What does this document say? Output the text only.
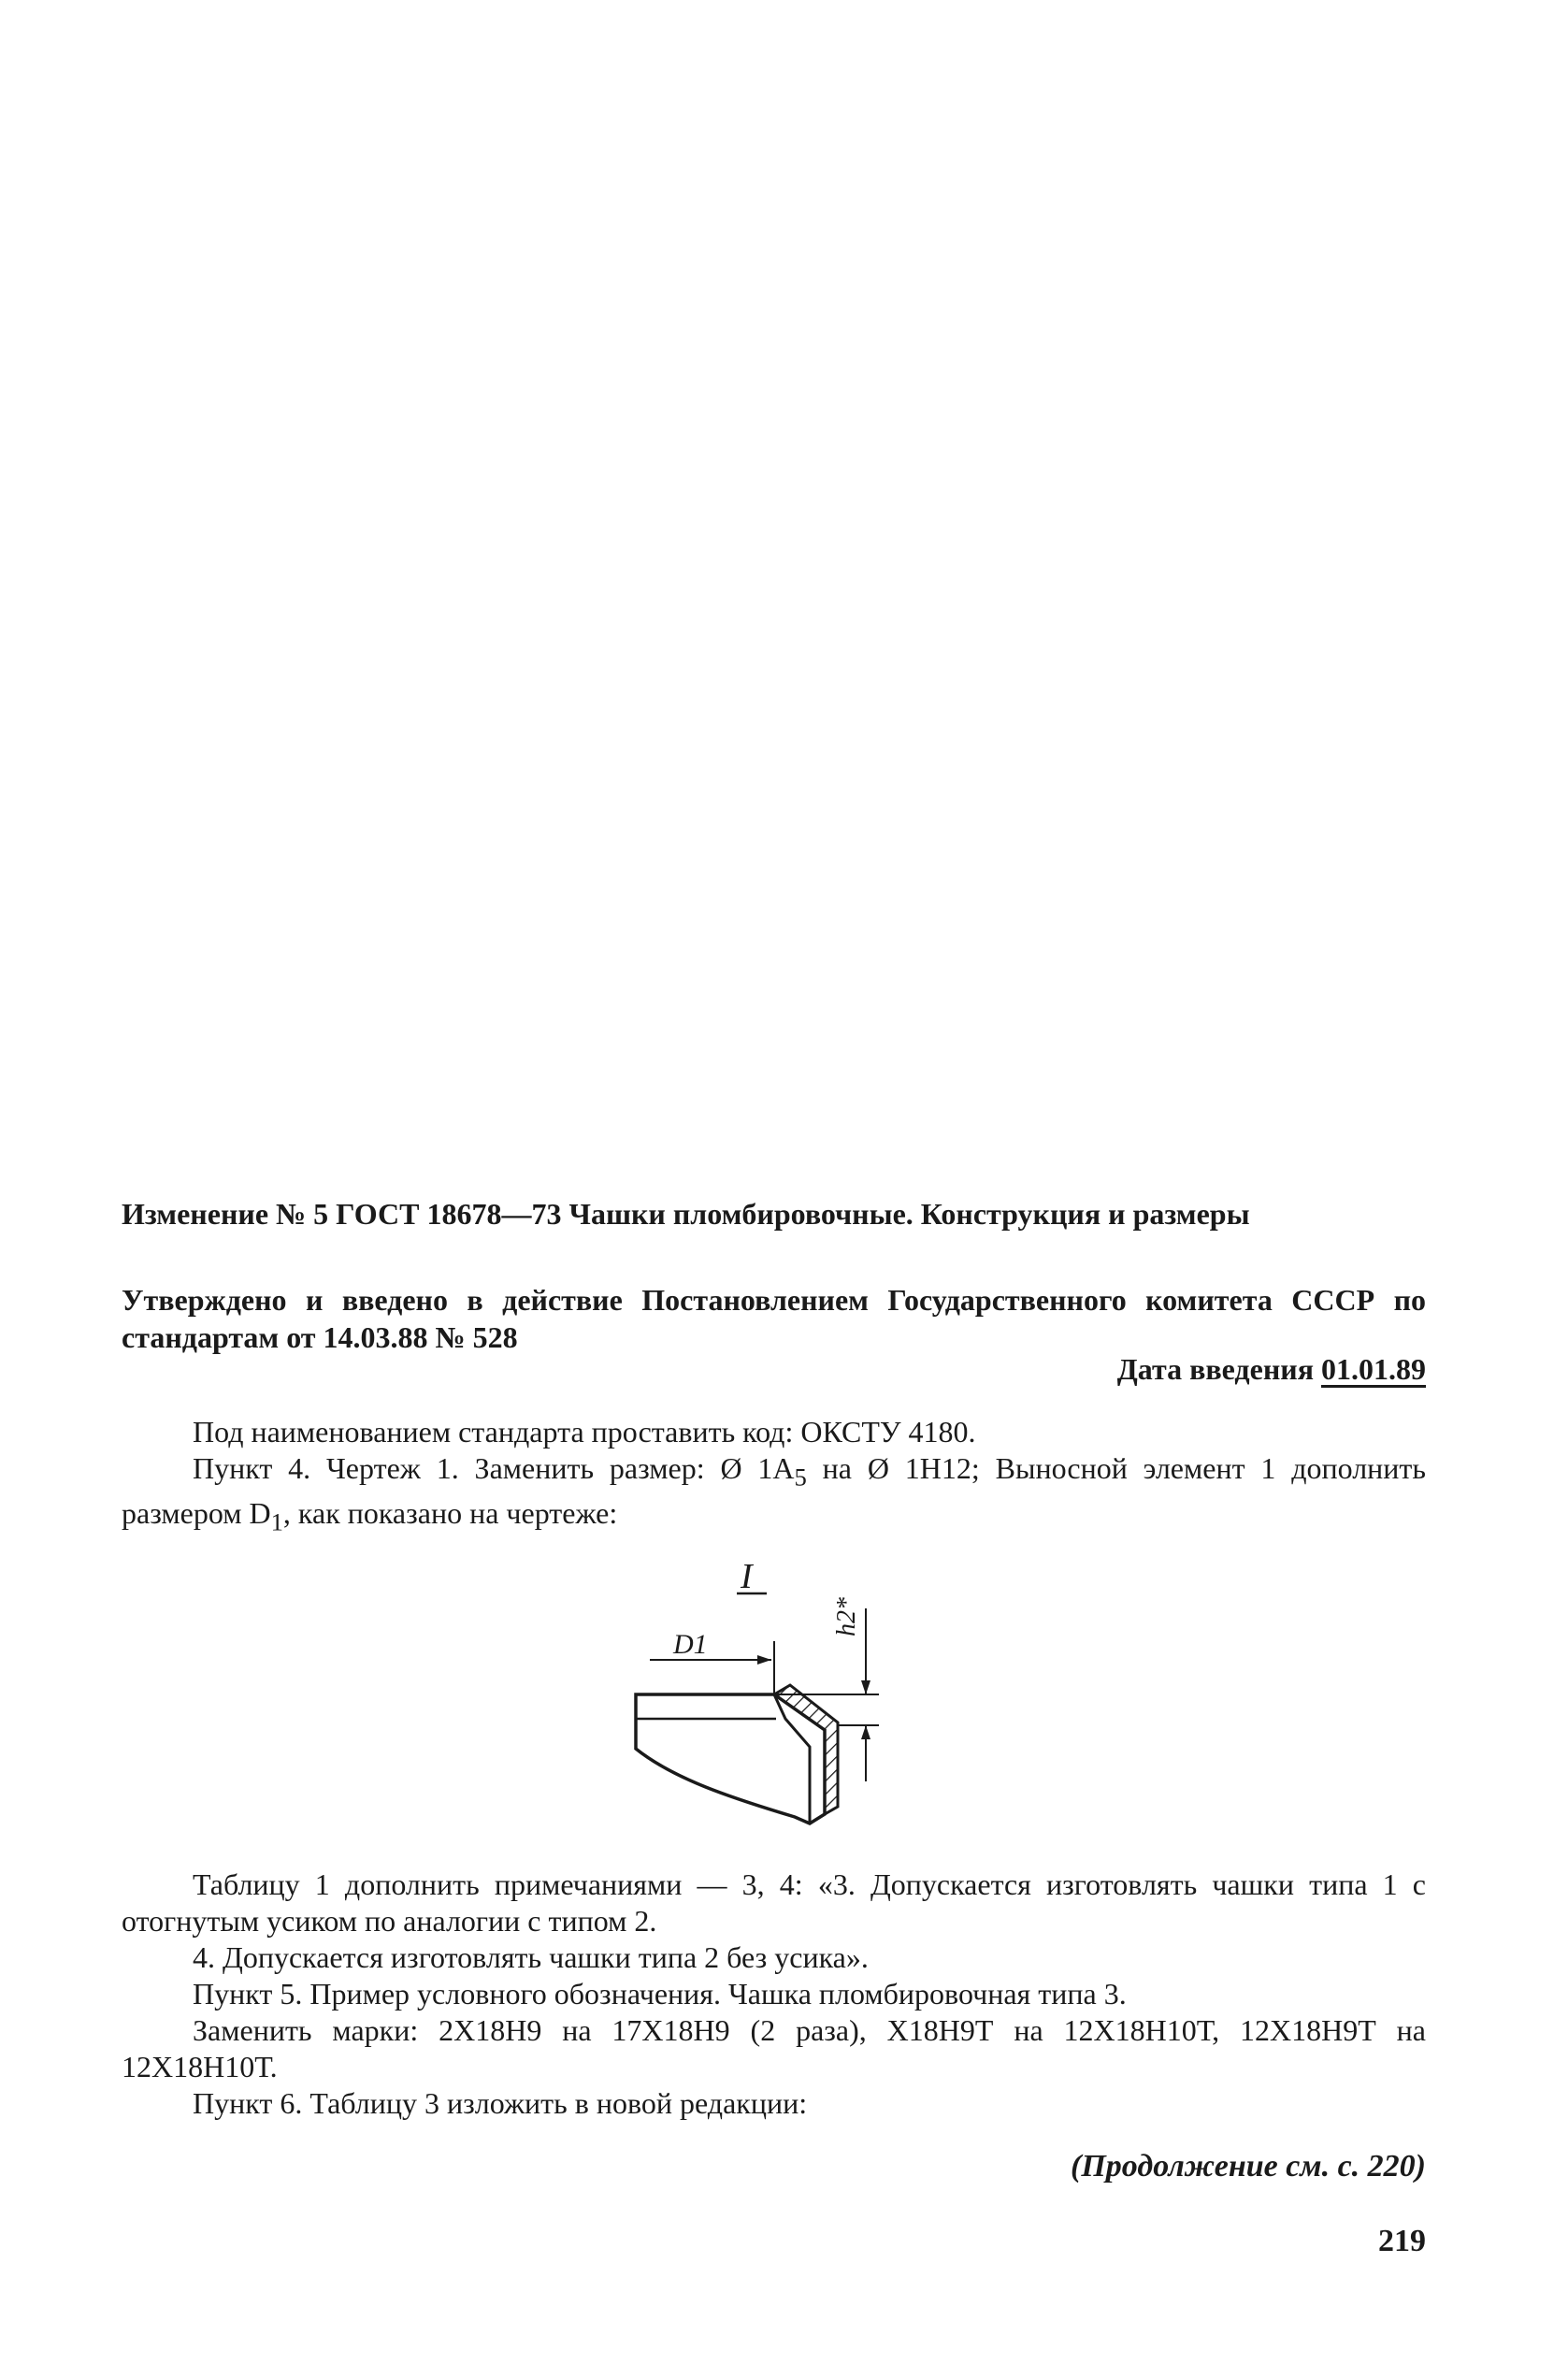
Изменение № 5 ГОСТ 18678—73 Чашки пломбировочные. Конструкция и размеры
Утверждено и введено в действие Постановлением Государственного комитета СССР по стандартам от 14.03.88 № 528
Дата введения 01.01.89

Под наименованием стандарта проставить код: ОКСТУ 4180.

Пункт 4. Чертеж 1. Заменить размер: Ø $1A_5$ на Ø 1H12; Выносной элемент 1 дополнить размером $D_1$, как показано на чертеже:

I
D1
h2*

Таблицу 1 дополнить примечаниями — 3, 4: «3. Допускается изготовлять чашки типа 1 с отогнутым усиком по аналогии с типом 2.

4. Допускается изготовлять чашки типа 2 без усика».

Пункт 5. Пример условного обозначения. Чашка пломбировочная типа 3.

Заменить марки: 2Х18Н9 на 17Х18Н9 (2 раза), Х18Н9Т на 12Х18Н10Т, 12Х18Н9Т на 12Х18Н10Т.

Пункт 6. Таблицу 3 изложить в новой редакции:

(Продолжение см. с. 220)
219
